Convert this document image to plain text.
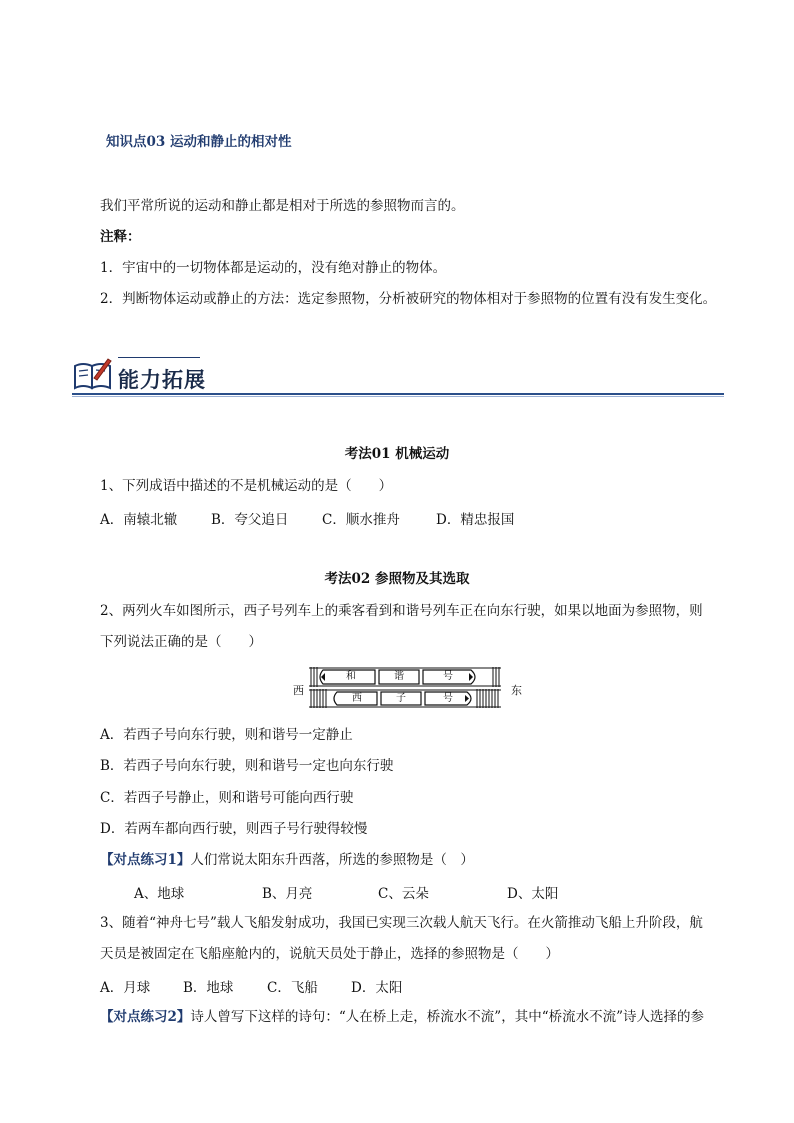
知识点03 运动和静止的相对性
我们平常所说的运动和静止都是相对于所选的参照物而言的。
注释：
1．宇宙中的一切物体都是运动的，没有绝对静止的物体。
2．判断物体运动或静止的方法：选定参照物，分析被研究的物体相对于参照物的位置有没有发生变化。
能力拓展
考法01 机械运动
1、下列成语中描述的不是机械运动的是（　　）
A．南辕北辙	B．夸父追日 C．顺水推舟	D．精忠报国
考法02 参照物及其选取
2、两列火车如图所示，西子号列车上的乘客看到和谐号列车正在向东行驶，如果以地面为参照物，则
下列说法正确的是（　　）
西	东
和	谐	号
西	子	号
A．若西子号向东行驶，则和谐号一定静止
B．若西子号向东行驶，则和谐号一定也向东行驶
C．若西子号静止，则和谐号可能向西行驶
D．若两车都向西行驶，则西子号行驶得较慢
【对点练习1】人们常说太阳东升西落，所选的参照物是（　）
A、地球	B、月亮	C、云朵	D、太阳
3、随着“神舟七号”载人飞船发射成功，我国已实现三次载人航天飞行。在火箭推动飞船上升阶段，航
天员是被固定在飞船座舱内的，说航天员处于静止，选择的参照物是（　　）
A．月球 B．地球 C．飞船 D．太阳
【对点练习2】诗人曾写下这样的诗句：“人在桥上走，桥流水不流”，其中“桥流水不流”诗人选择的参
